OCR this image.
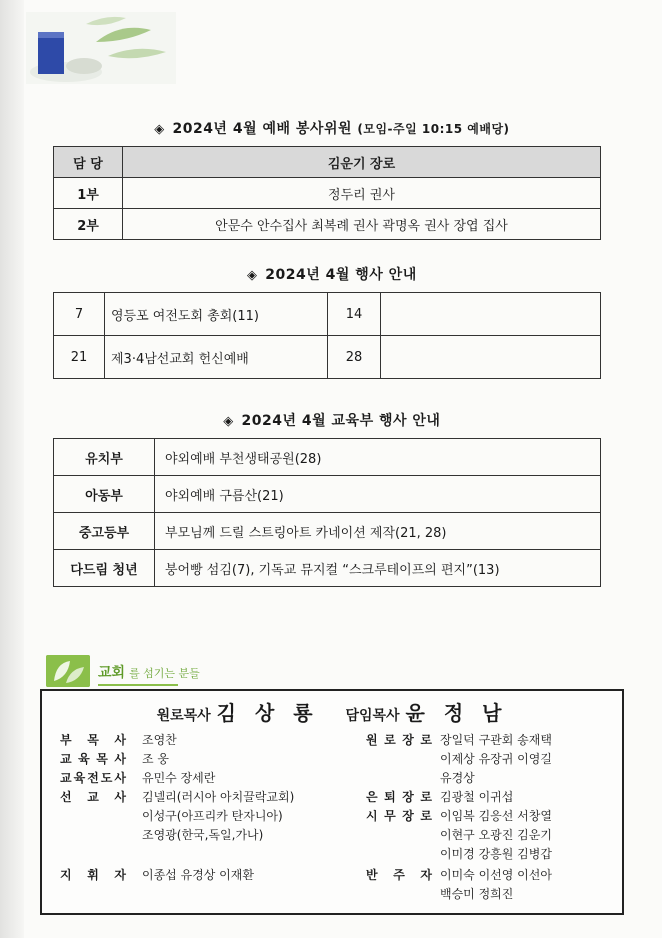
◈ 2024년 4월 예배 봉사위원 (모임-주일 10:15 예배당)
담 당	김운기 장로
1부	정두리 권사
2부	안문수 안수집사 최복례 권사 곽명옥 권사 장엽 집사
◈ 2024년 4월 행사 안내
7	영등포 여전도회 총회(11)	14	
21	제3·4남선교회 헌신예배	28	
◈ 2024년 4월 교육부 행사 안내
유치부	야외예배 부천생태공원(28)
아동부	야외예배 구름산(21)
중고등부	부모님께 드릴 스트링아트 카네이션 제작(21, 28)
다드림 청년	붕어빵 섬김(7), 기독교 뮤지컬 “스크루테이프의 편지”(13)
교회 를 섬기는 분들
원로목사 김 상 룡 담임목사 윤 정 남
부 목 사 조영찬
교 육 목 사 조 웅
교 육 전 도 사 유민수 장세란
선 교 사 김넬리(러시아 아치끌락교회)
이성구(아프리카 탄자니아)
조영광(한국,독일,가나)
지 휘 자 이종섭 유경상 이재환
원 로 장 로 장일덕 구관회 송재택
이제상 유장귀 이영길
유경상
은 퇴 장 로 김광철 이귀섭
시 무 장 로 이임복 김응선 서창열
이현구 오광진 김운기
이미경 강흥원 김병갑
반 주 자 이미숙 이선영 이선아
백승미 정희진
